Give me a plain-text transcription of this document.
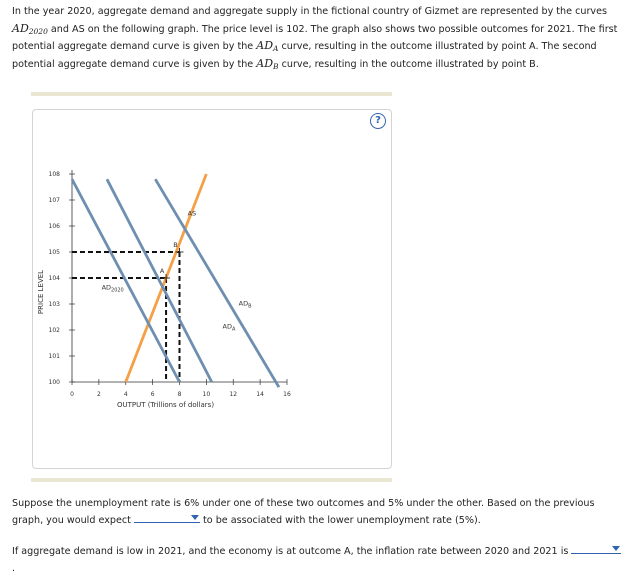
In the year 2020, aggregate demand and aggregate supply in the fictional country of Gizmet are represented by the curves $AD_{2020}$ and AS on the following graph. The price level is 102. The graph also shows two possible outcomes for 2021. The first potential aggregate demand curve is given by the $AD_A$ curve, resulting in the outcome illustrated by point A. The second potential aggregate demand curve is given by the $AD_B$ curve, resulting in the outcome illustrated by point B.
?
100
101
102
103
104
105
106
107
108
0	2	4	6	8	10	12	14	16
OUTPUT (Trillions of dollars)
PRICE LEVEL
AS
$AD_{2020}$
$AD_A$
$AD_B$
A
B
Suppose the unemployment rate is 6% under one of these two outcomes and 5% under the other. Based on the previous graph, you would expect	to be associated with the lower unemployment rate (5%).
If aggregate demand is low in 2021, and the economy is at outcome A, the inflation rate between 2020 and 2021 is
.
